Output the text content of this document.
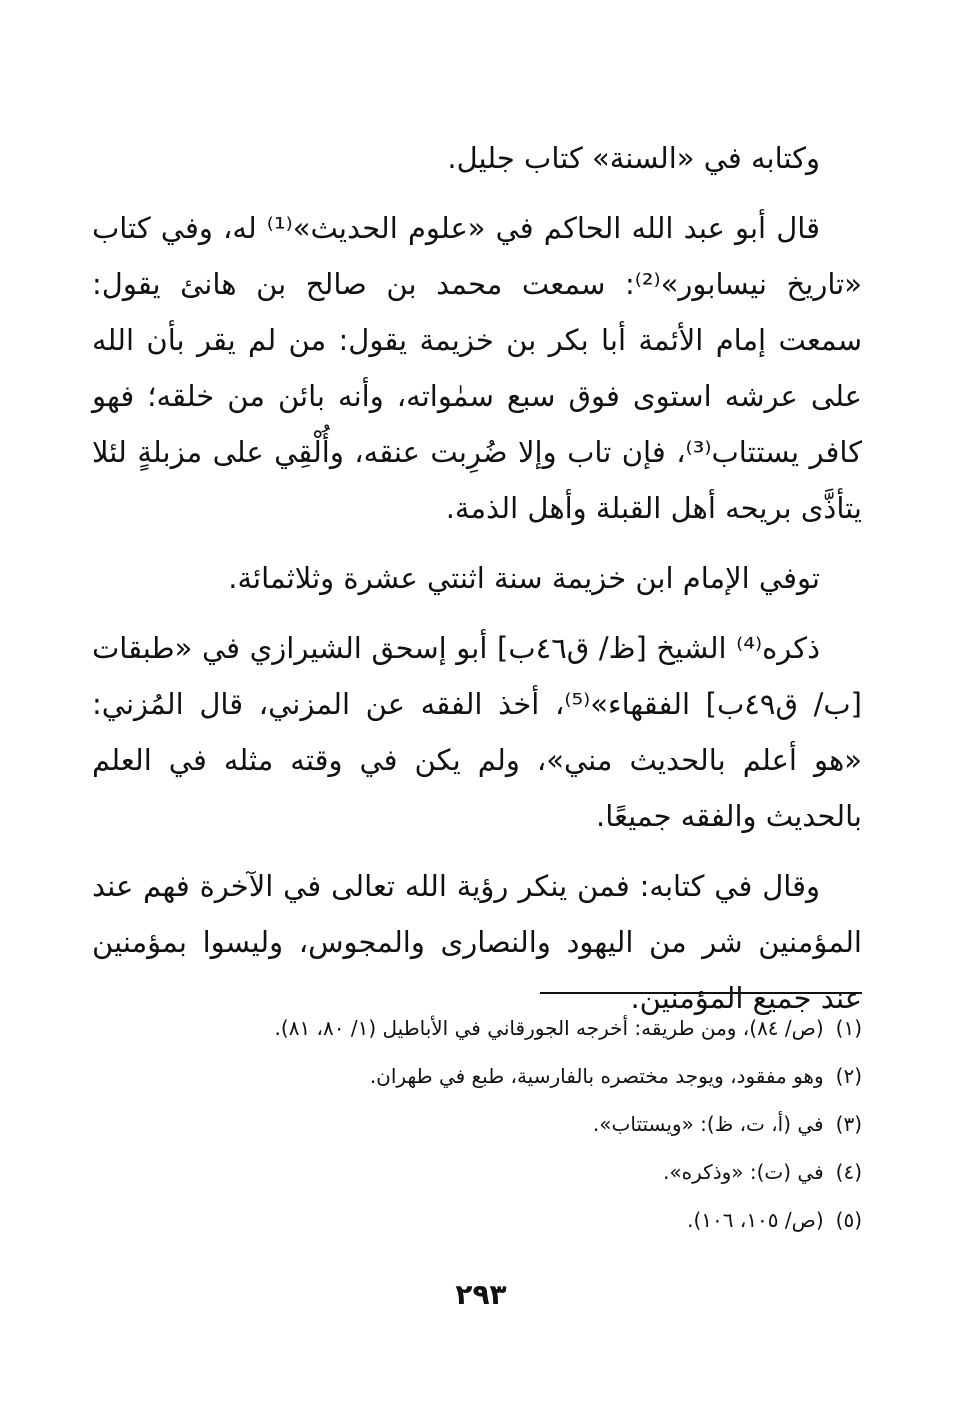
وكتابه في «السنة» كتاب جليل.

قال أبو عبد الله الحاكم في «علوم الحديث»⁽¹⁾ له، وفي كتاب «تاريخ نيسابور»⁽²⁾: سمعت محمد بن صالح بن هانئ يقول: سمعت إمام الأئمة أبا بكر بن خزيمة يقول: من لم يقر بأن الله على عرشه استوى فوق سبع سمٰواته، وأنه بائن من خلقه؛ فهو كافر يستتاب⁽³⁾، فإن تاب وإلا ضُرِبت عنقه، وأُلْقِي على مزبلةٍ لئلا يتأذَّى بريحه أهل القبلة وأهل الذمة.

توفي الإمام ابن خزيمة سنة اثنتي عشرة وثلاثمائة.

ذكره⁽⁴⁾ الشيخ [ظ/ ق٤٦ب] أبو إسحق الشيرازي في «طبقات [ب/ ق٤٩ب] الفقهاء»⁽⁵⁾، أخذ الفقه عن المزني، قال المُزني: «هو أعلم بالحديث مني»، ولم يكن في وقته مثله في العلم بالحديث والفقه جميعًا.

وقال في كتابه: فمن ينكر رؤية الله تعالى في الآخرة فهم عند المؤمنين شر من اليهود والنصارى والمجوس، وليسوا بمؤمنين عند جميع المؤمنين.

(١)(ص/ ٨٤)، ومن طريقه: أخرجه الجورقاني في الأباطيل (١/ ٨٠، ٨١).
(٢)وهو مفقود، ويوجد مختصره بالفارسية، طبع في طهران.
(٣)في (أ، ت، ظ): «ويستتاب».
(٤)في (ت): «وذكره».
(٥)(ص/ ١٠٥، ١٠٦).
٢٩٣
